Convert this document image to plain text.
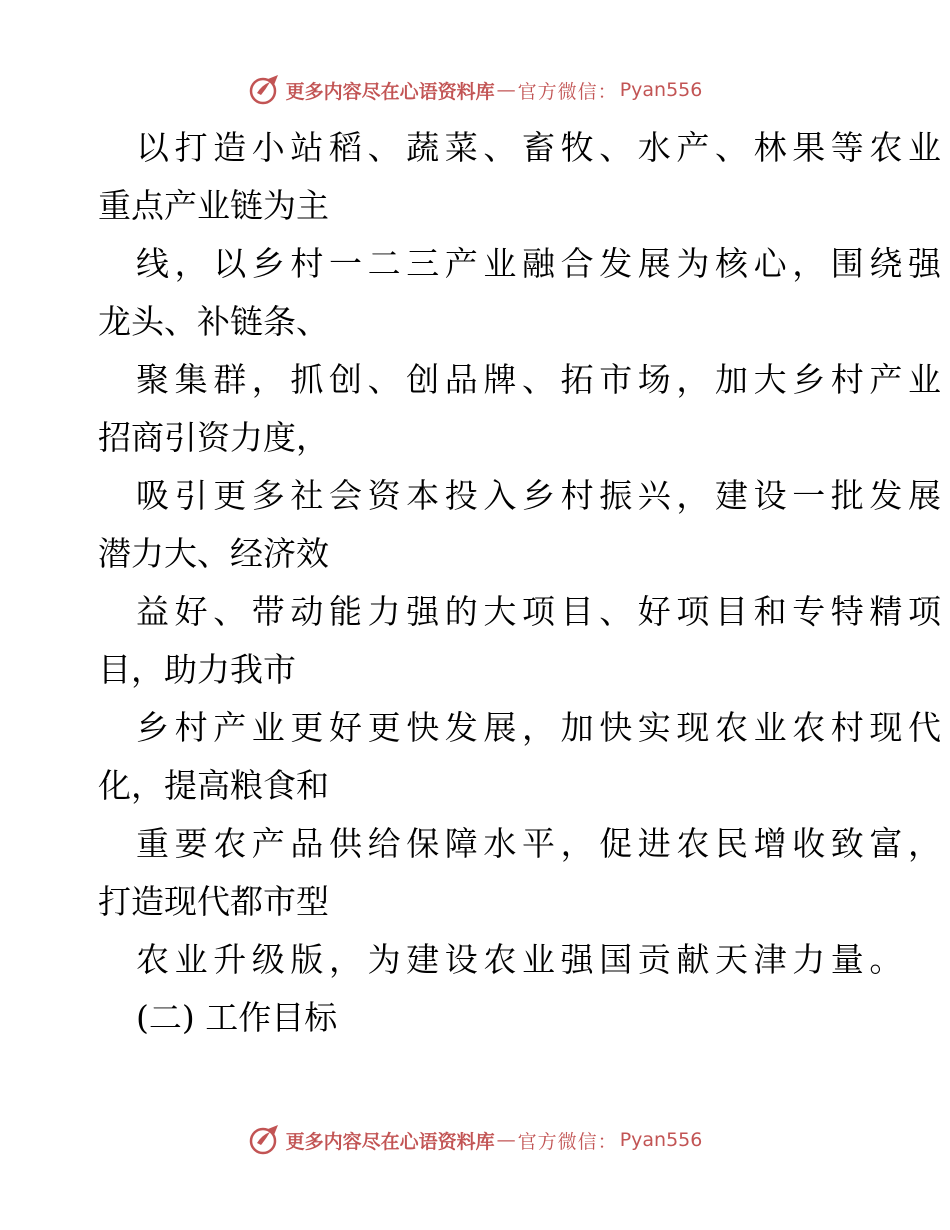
更多内容尽在心语资料库 — 官方微信： Pyan556
以打造小站稻、蔬菜、畜牧、水产、林果等农业
重点产业链为主
线，以乡村一二三产业融合发展为核心，围绕强
龙头、补链条、
聚集群，抓创、创品牌、拓市场，加大乡村产业
招商引资力度，
吸引更多社会资本投入乡村振兴，建设一批发展
潜力大、经济效
益好、带动能力强的大项目、好项目和专特精项
目，助力我市
乡村产业更好更快发展，加快实现农业农村现代
化，提高粮食和
重要农产品供给保障水平，促进农民增收致富，
打造现代都市型
农业升级版，为建设农业强国贡献天津力量。
(二) 工作目标
更多内容尽在心语资料库 — 官方微信： Pyan556
